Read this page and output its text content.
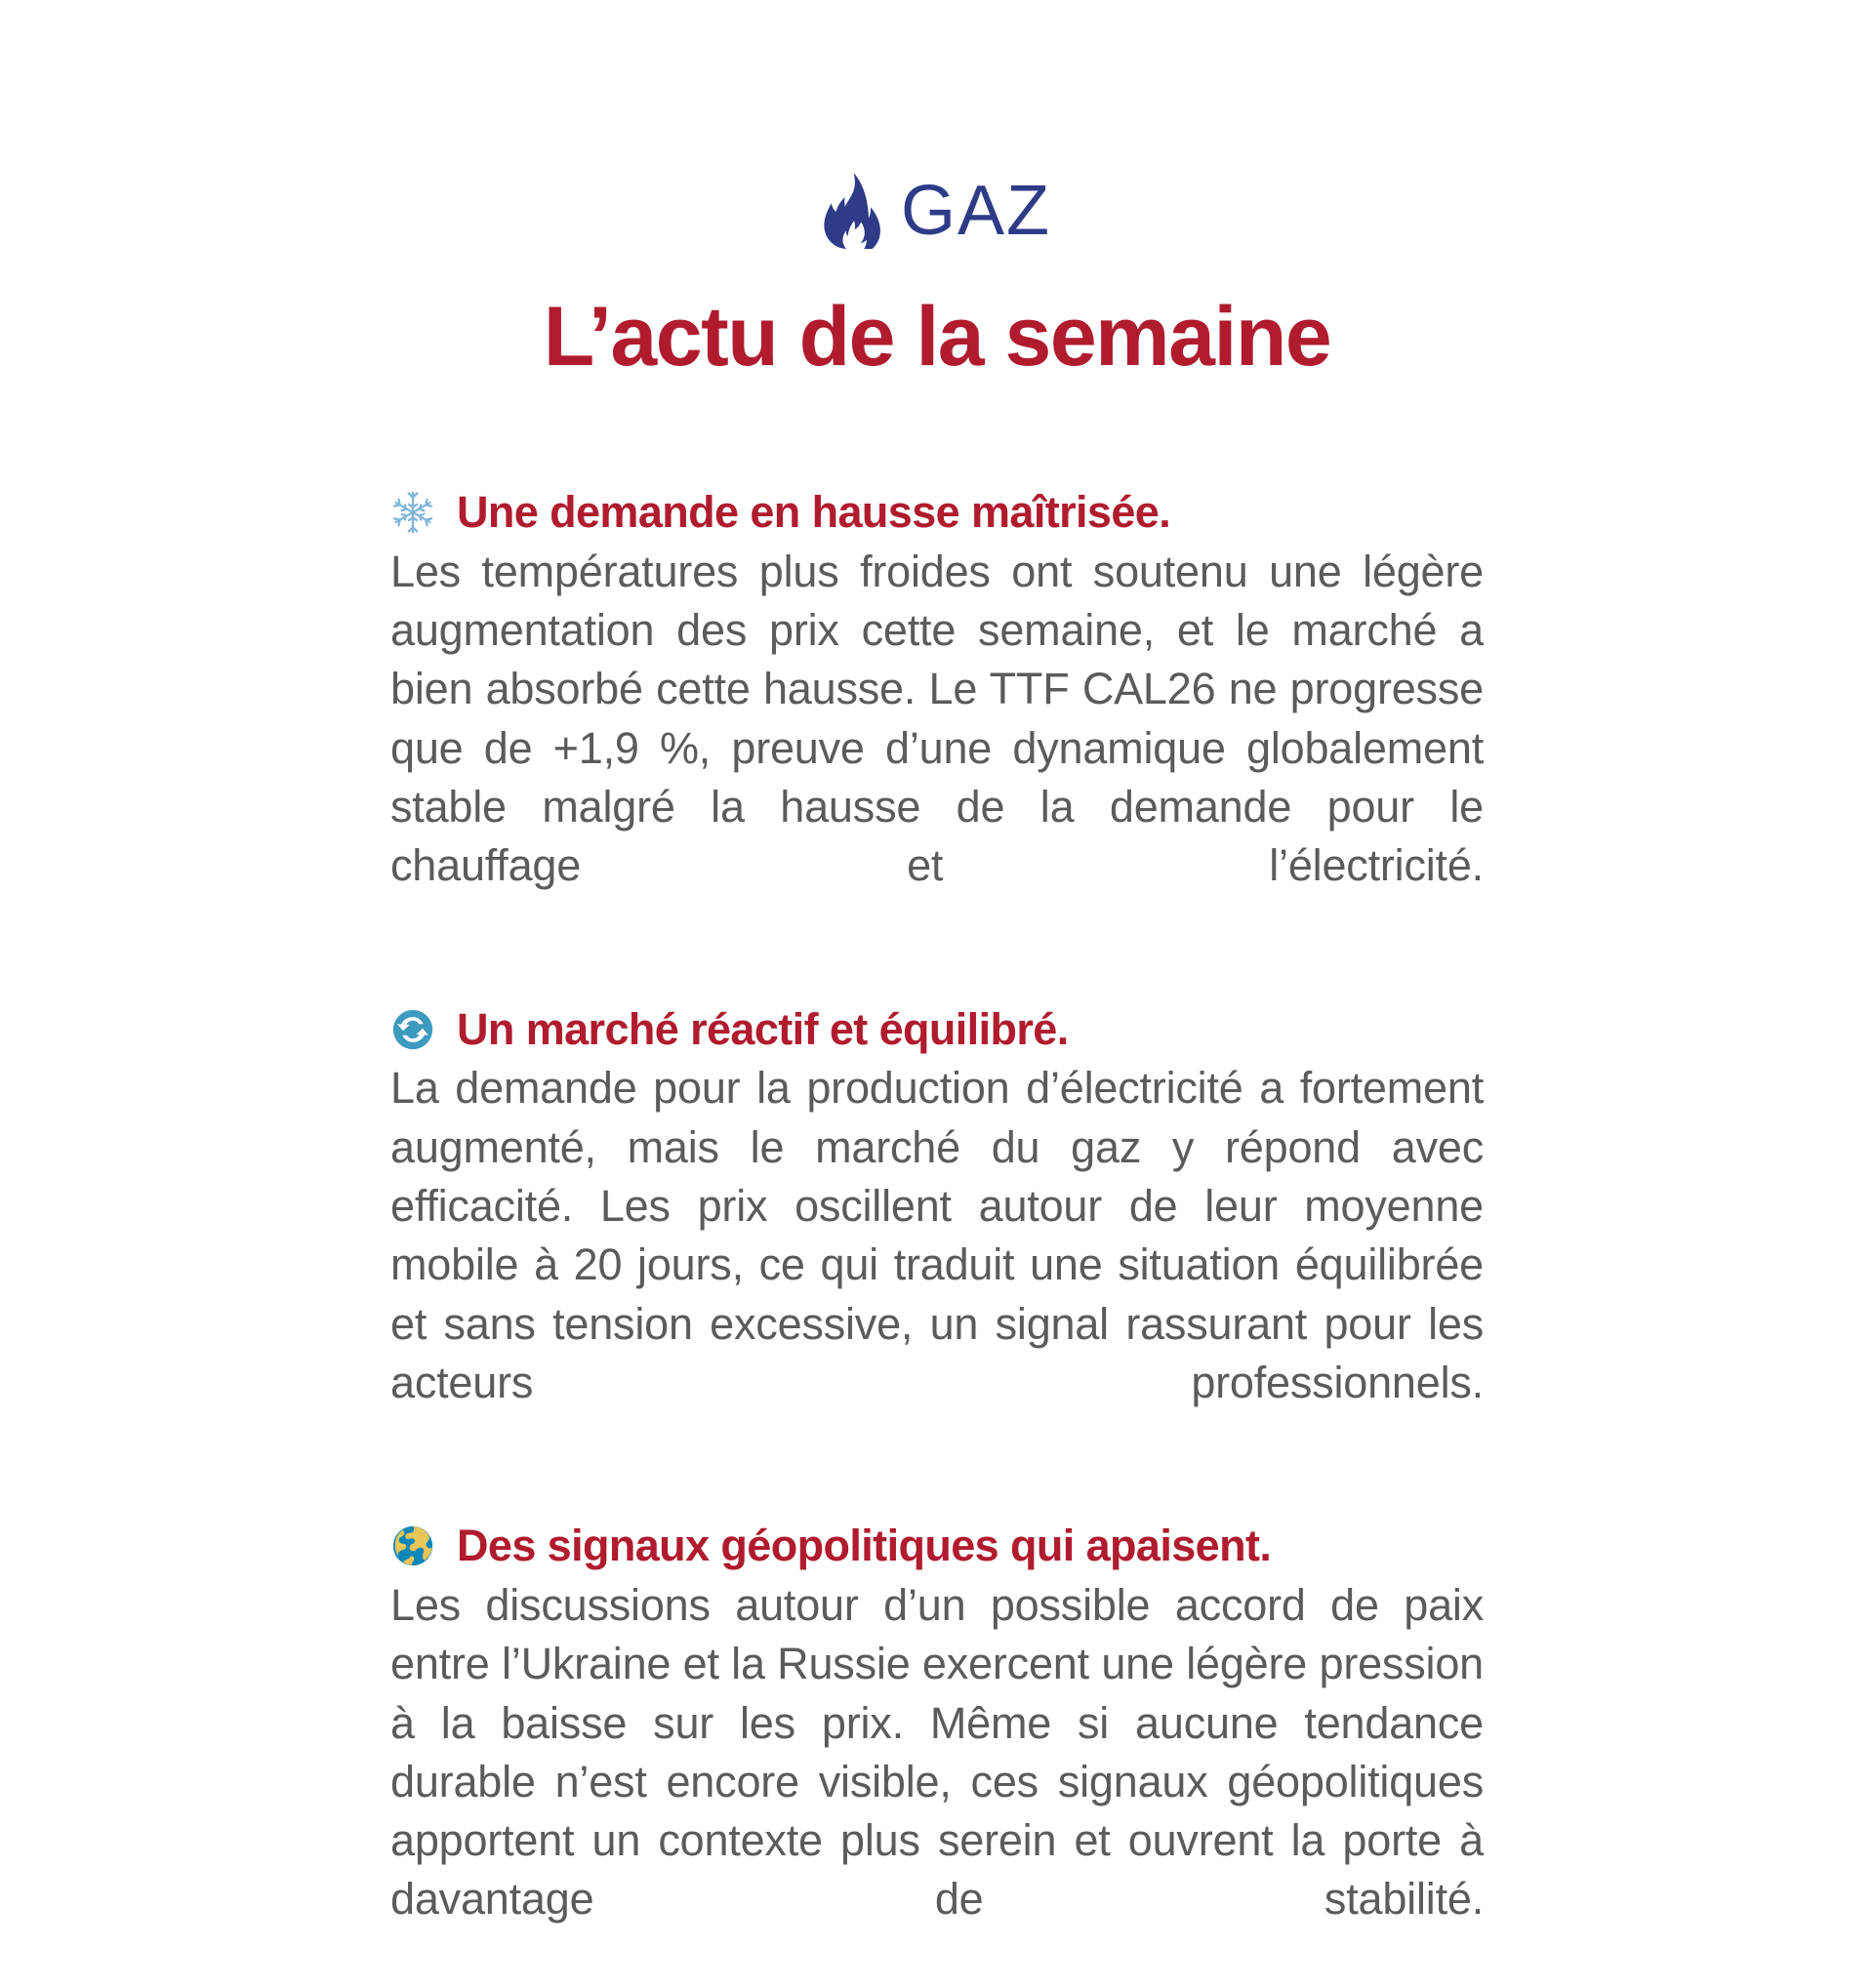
GAZ
L’actu de la semaine
Une demande en hausse maîtrisée.

Les températures plus froides ont soutenu une légère augmentation des prix cette semaine, et le marché a bien absorbé cette hausse. Le TTF CAL26 ne progresse que de +1,9 %, preuve d’une dynamique globalement stable malgré la hausse de la demande pour le chauffage et l’électricité.

Un marché réactif et équilibré.

La demande pour la production d’électricité a fortement augmenté, mais le marché du gaz y répond avec efficacité. Les prix oscillent autour de leur moyenne mobile à 20 jours, ce qui traduit une situation équilibrée et sans tension excessive, un signal rassurant pour les acteurs professionnels.

Des signaux géopolitiques qui apaisent.

Les discussions autour d’un possible accord de paix entre l’Ukraine et la Russie exercent une légère pression à la baisse sur les prix. Même si aucune tendance durable n’est encore visible, ces signaux géopolitiques apportent un contexte plus serein et ouvrent la porte à davantage de stabilité.
